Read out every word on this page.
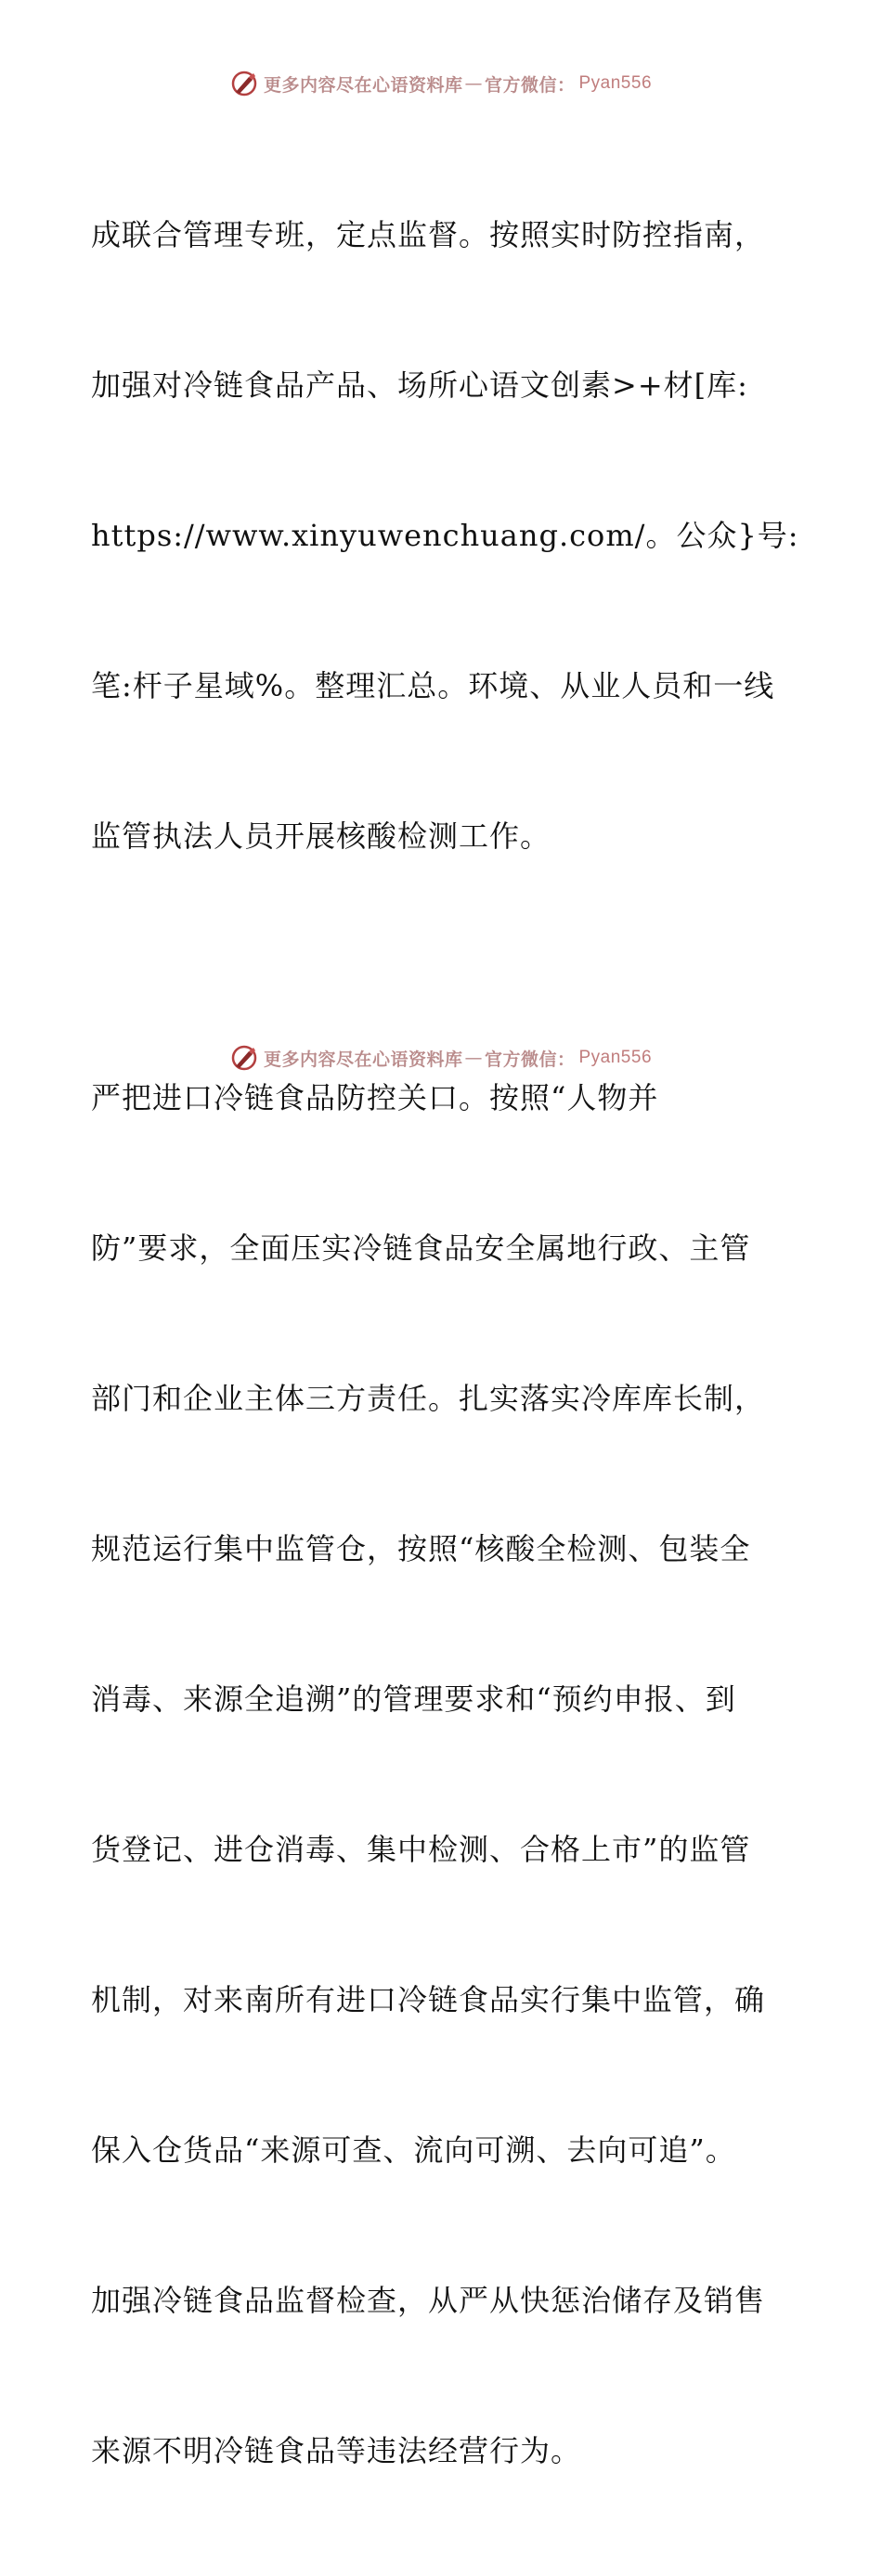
更多内容尽在心语资料库 — 官方微信： Pyan556

成联合管理专班，定点监督。按照实时防控指南，

加强对冷链食品产品、场所心语文创素>+材[库:

https://www.xinyuwenchuang.com/。公众}号:

笔:杆子星域%。整理汇总。环境、从业人员和一线

监管执法人员开展核酸检测工作。

严把进口冷链食品防控关口。按照“人物并

防”要求，全面压实冷链食品安全属地行政、主管

部门和企业主体三方责任。扎实落实冷库库长制，

规范运行集中监管仓，按照“核酸全检测、包装全

消毒、来源全追溯”的管理要求和“预约申报、到

货登记、进仓消毒、集中检测、合格上市”的监管

机制，对来南所有进口冷链食品实行集中监管，确

保入仓货品“来源可查、流向可溯、去向可追”。

加强冷链食品监督检查，从严从快惩治储存及销售

来源不明冷链食品等违法经营行为。

更多内容尽在心语资料库 — 官方微信： Pyan556
